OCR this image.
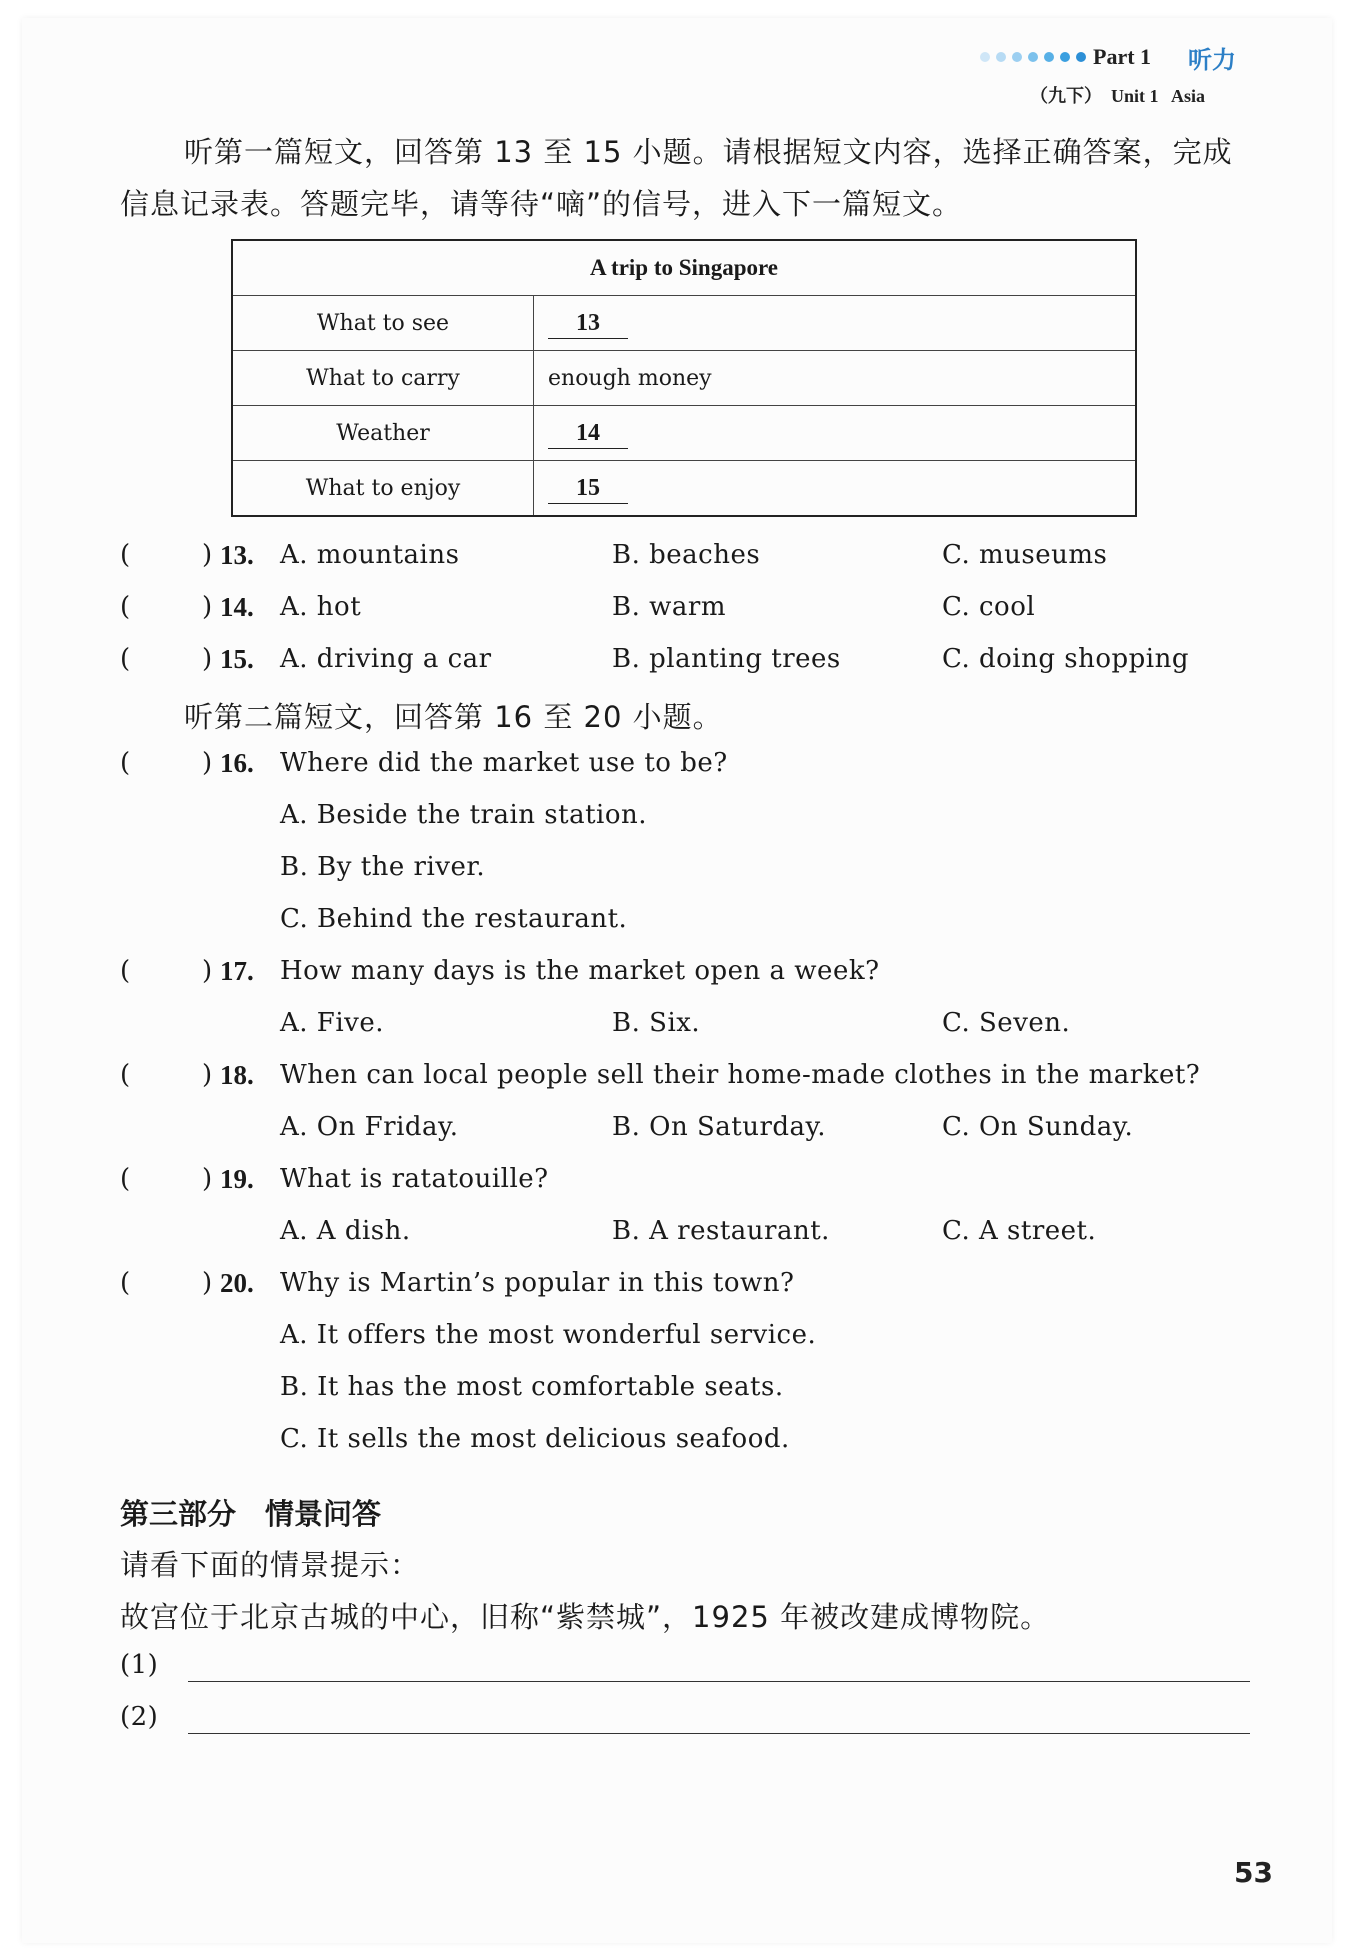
Part 1 听力
（九下）  Unit 1   Asia
听第一篇短文，回答第 13 至 15 小题。请根据短文内容，选择正确答案，完成
信息记录表。答题完毕，请等待“嘀”的信号，进入下一篇短文。
A trip to Singapore	
What to see	13
What to carry	enough money
Weather	14
What to enjoy	15
(	) 13. A. mountains	B. beaches	C. museums
(	) 14. A. hot	B. warm	C. cool
(	) 15. A. driving a car	B. planting trees	C. doing shopping
听第二篇短文，回答第 16 至 20 小题。
(	) 16. Where did the market use to be?
A. Beside the train station.
B. By the river.
C. Behind the restaurant.
(	) 17. How many days is the market open a week?
A. Five.	B. Six.	C. Seven.
(	) 18. When can local people sell their home-made clothes in the market?
A. On Friday.	B. On Saturday.	C. On Sunday.
(	) 19. What is ratatouille?
A. A dish.	B. A restaurant.	C. A street.
(	) 20. Why is Martin’s popular in this town?
A. It offers the most wonderful service.
B. It has the most comfortable seats.
C. It sells the most delicious seafood.
第三部分　情景问答
请看下面的情景提示：
故宫位于北京古城的中心，旧称“紫禁城”，1925 年被改建成博物院。
(1)
(2)
53
